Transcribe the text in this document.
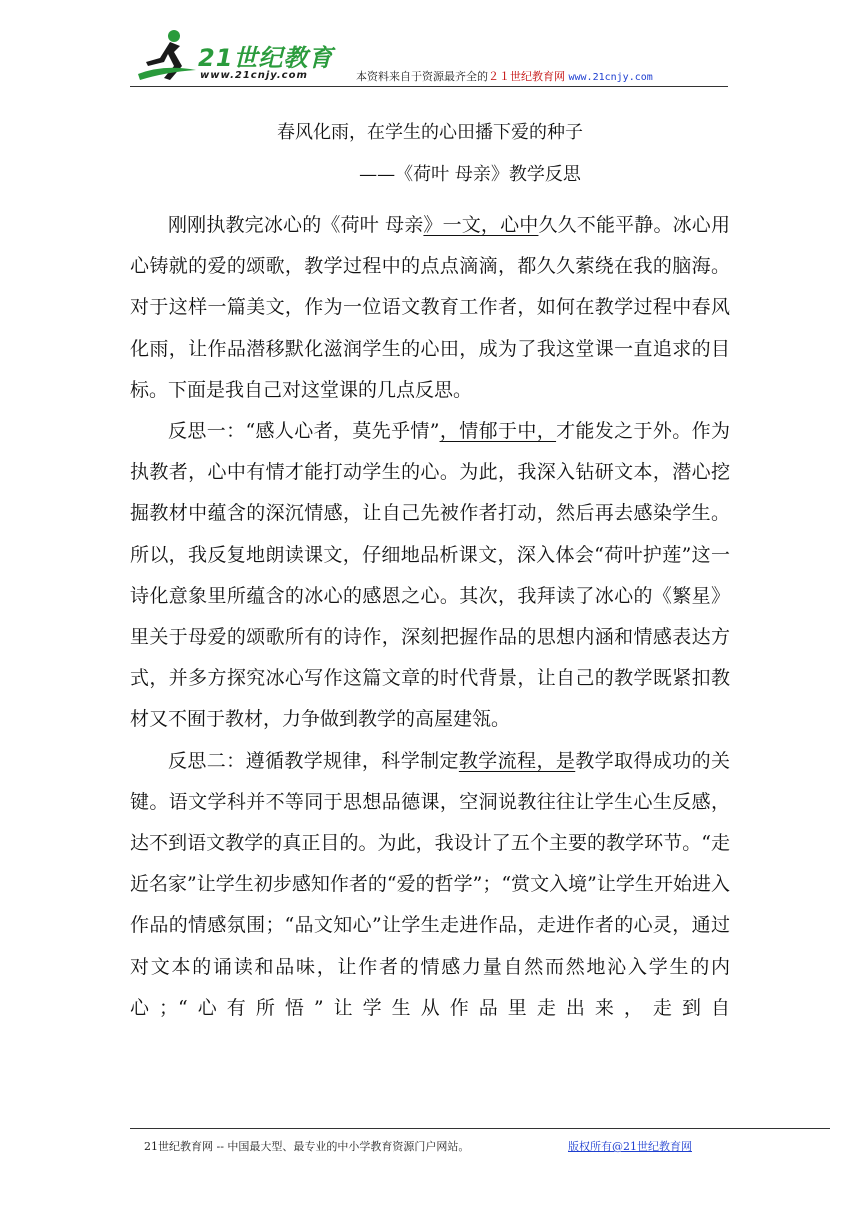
21世纪教育
www.21cnjy.com	本资料来自于资源最齐全的２１世纪教育网 www.21cnjy.com
春风化雨，在学生的心田播下爱的种子
——《荷叶 母亲》教学反思

刚刚执教完冰心的《荷叶 母亲》一文，心中久久不能平静。冰心用心铸就的爱的颂歌，教学过程中的点点滴滴，都久久萦绕在我的脑海。对于这样一篇美文，作为一位语文教育工作者，如何在教学过程中春风化雨，让作品潜移默化滋润学生的心田，成为了我这堂课一直追求的目标。下面是我自己对这堂课的几点反思。

反思一：“感人心者，莫先乎情”，情郁于中，才能发之于外。作为执教者，心中有情才能打动学生的心。为此，我深入钻研文本，潜心挖掘教材中蕴含的深沉情感，让自己先被作者打动，然后再去感染学生。所以，我反复地朗读课文，仔细地品析课文，深入体会“荷叶护莲”这一诗化意象里所蕴含的冰心的感恩之心。其次，我拜读了冰心的《繁星》里关于母爱的颂歌所有的诗作，深刻把握作品的思想内涵和情感表达方式，并多方探究冰心写作这篇文章的时代背景，让自己的教学既紧扣教材又不囿于教材，力争做到教学的高屋建瓴。

反思二：遵循教学规律，科学制定教学流程，是教学取得成功的关键。语文学科并不等同于思想品德课，空洞说教往往让学生心生反感，达不到语文教学的真正目的。为此，我设计了五个主要的教学环节。“走近名家”让学生初步感知作者的“爱的哲学”；“赏文入境”让学生开始进入作品的情感氛围；“品文知心”让学生走进作品，走进作者的心灵，通过对文本的诵读和品味，让作者的情感力量自然而然地沁入学生的内心；“心有所悟”让学生从作品里走出来，走到自

21世纪教育网 -- 中国最大型、最专业的中小学教育资源门户网站。	版权所有@21世纪教育网
